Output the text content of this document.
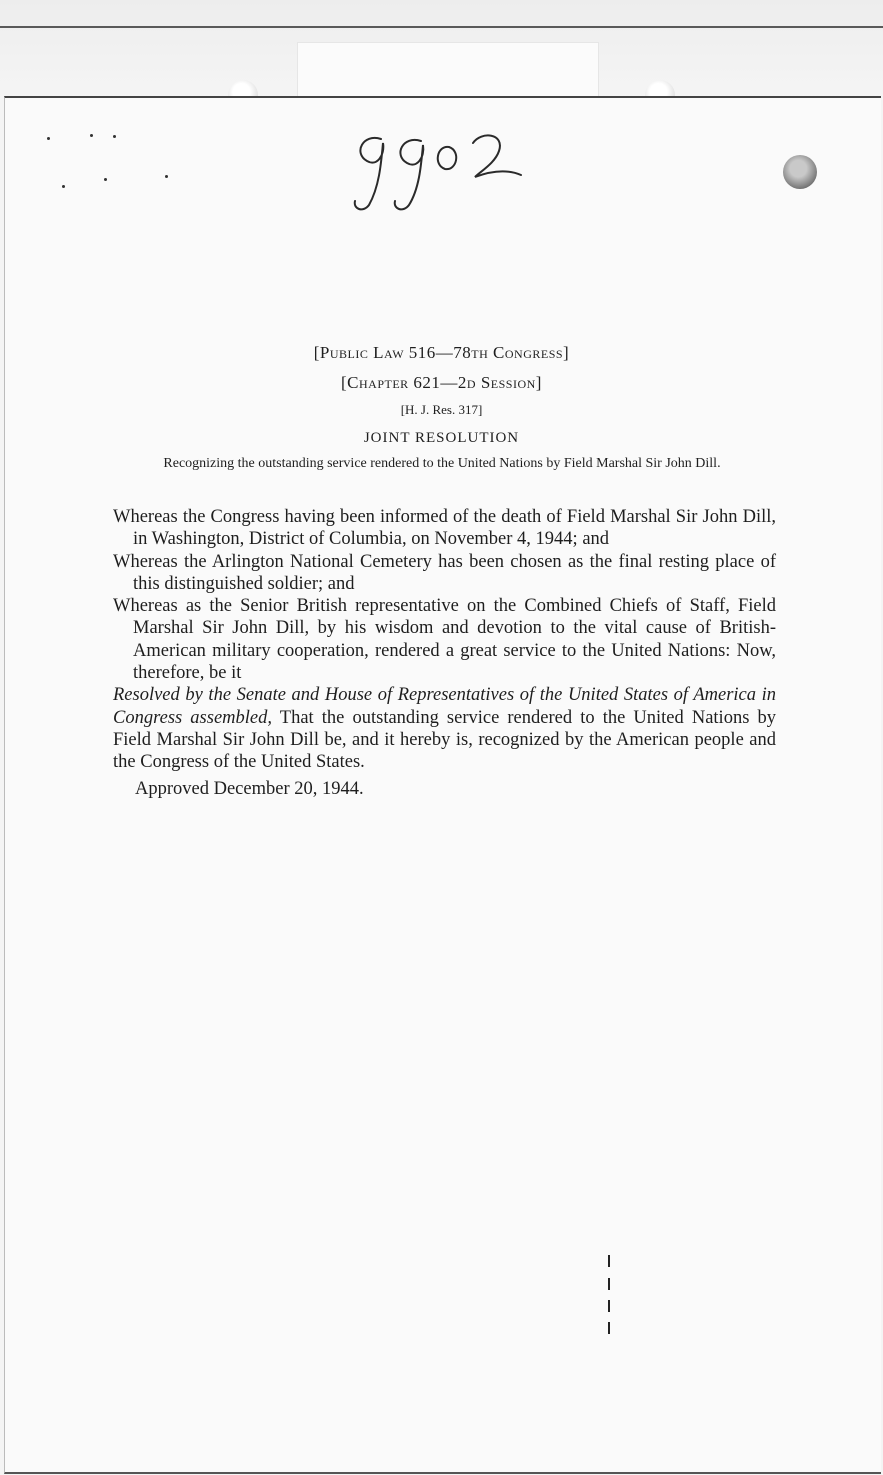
[Public Law 516—78th Congress]
[Chapter 621—2d Session]
[H. J. Res. 317]
JOINT RESOLUTION
Recognizing the outstanding service rendered to the United Nations by Field Marshal Sir John Dill.

Whereas the Congress having been informed of the death of Field Marshal Sir John Dill, in Washington, District of Columbia, on November 4, 1944; and

Whereas the Arlington National Cemetery has been chosen as the final resting place of this distinguished soldier; and

Whereas as the Senior British representative on the Combined Chiefs of Staff, Field Marshal Sir John Dill, by his wisdom and devotion to the vital cause of British-American military cooperation, rendered a great service to the United Nations: Now, therefore, be it

Resolved by the Senate and House of Representatives of the United States of America in Congress assembled, That the outstanding service rendered to the United Nations by Field Marshal Sir John Dill be, and it hereby is, recognized by the American people and the Congress of the United States.

Approved December 20, 1944.
